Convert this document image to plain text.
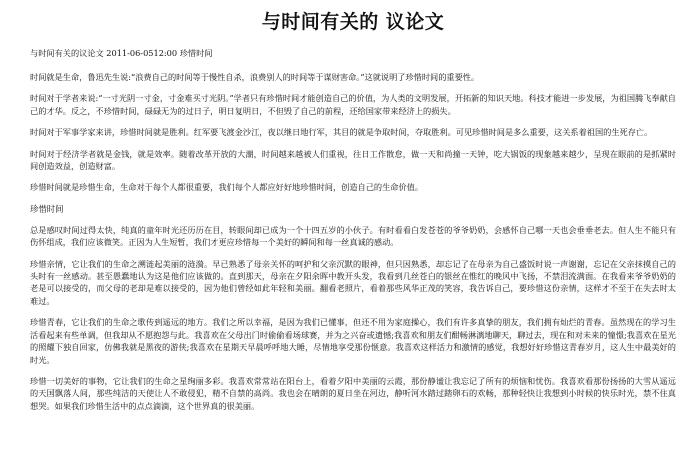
与时间有关的 议论文
与时间有关的议论文 2011-06-0512:00 珍惜时间

时间就是生命，鲁迅先生说:“浪费自己的时间等于慢性自杀，浪费别人的时间等于谋财害命。”这就说明了珍惜时间的重要性。

时间对于学者来说:“一寸光阴一寸金，寸金难买寸光阴。”学者只有珍惜时间才能创造自己的价值，为人类的文明发展，开拓新的知识天地。科技才能进一步发展，为祖国腾飞奉献自己的才华。反之，不珍惜时间，碌碌无为的过日子，明日复明日，不但毁了自己的前程，还给国家带来经济上的损失。

时间对于军事学家来讲，珍惜时间就是胜利。红军要飞渡金沙江，夜以继日地行军，其目的就是争取时间，夺取胜利。可见珍惜时间是多么重要，这关系着祖国的生死存亡。

时间对于经济学者就是金钱，就是效率。随着改革开放的大潮，时间越来越被人们重视，往日工作散怠，做一天和尚撞一天钟，吃大锅饭的现象越来越少，呈现在眼前的是抓紧时间创造效益，创造财富。

珍惜时间就是珍惜生命，生命对于每个人都很重要，我们每个人都应好好地珍惜时间，创造自己的生命价值。

珍惜时间

总是感叹时间过得太快，纯真的童年时光还历历在目，转眼间却已成为一个十四五岁的小伙子。有时看看白发苍苍的爷爷奶奶，会感怀自己哪一天也会垂垂老去。但人生不能只有伤怀组成，我们应该微笑。正因为人生短暂，我们才更应珍惜每一个美好的瞬间和每一丝真诚的感动。

珍惜亲情，它让我们的生命之溯涟起美丽的涟漪。早已熟悉了母亲关怀的呵护和父亲沉默的眼神，但只因熟悉，却忘记了在母亲为自己盛饭时说一声谢谢，忘记在父亲抹摸自己的头时有一丝感动。甚至愚蠢地认为这是他们应该做的。直到那天，母亲在夕阳余晖中教开头发，我看到几丝苍白的银丝在惟红的晚风中飞扬，不禁泪流满面。在我看来爷爷奶奶的老是可以接受的，而父母的老却是难以接受的，因为他们曾经如此年轻和美丽。翻看老照片，看着那些风华正茂的笑容，我告诉自己，要珍惜这份亲情，这样才不至于在失去时太难过。

珍惜青春，它让我们的生命之歌传到遥远的地方。我们之所以幸福，是因为我们已懂事，但还不用为家庭操心，我们有许多真挚的朋友，我们拥有灿烂的青春。虽然现在的学习生活看起来有些单调，但我却从不愿抱怨与此。我喜欢在父母出门时偷偷看场球赛，并为之兴奋或遗憾;我喜欢和朋友们酣畅淋漓地聊天，聊过去，现在和对未来的憧憬;我喜欢在星光的照耀下独自回家，仿佛我就是黑夜的游侠;我喜欢在星期天早晨呼呼地大睡，尽情地享受那份惬意。我喜欢这样活力和激情的感觉，我想好好珍惜这青春岁月，这人生中最美好的时光。

珍惜一切美好的事物，它让我们的生命之星绚丽多彩。我喜欢常常站在阳台上，看着夕阳中美丽的云霞，那份静谧让我忘记了所有的烦恼和忧伤。我喜欢看那份扬扬的大雪从遥远的天国飘落人间，那些纯洁的天使让人不敢侵犯，精不自禁的高尚。我也会在晴朗的夏日坐在河边，静听河水踏过踏卵石的欢畅，那种轻快让我想到小时候的快乐时光，禁不住真想哭。如果我们珍惜生活中的点点滴滴，这个世界真的很美丽。
